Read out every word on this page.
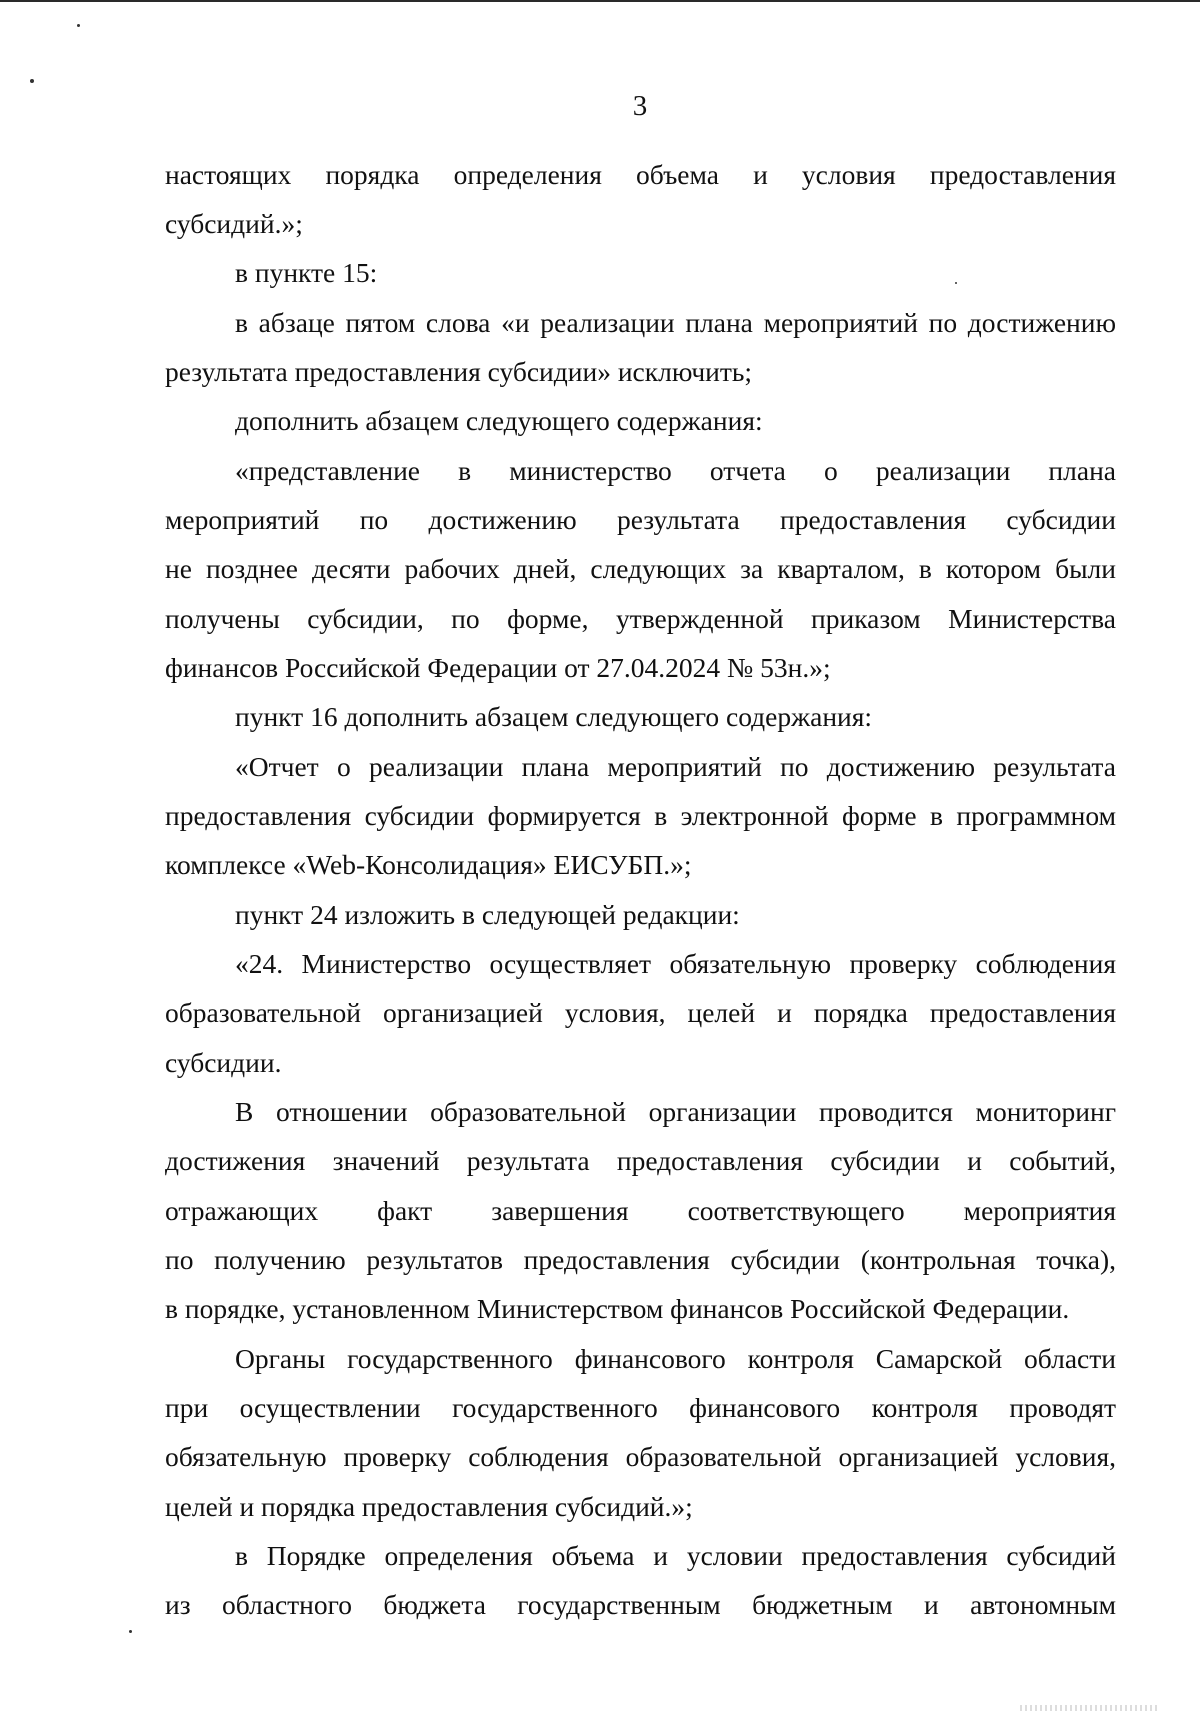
3
настоящих порядка определения объема и условия предоставления
субсидий.»;
в пункте 15:
в абзаце пятом слова «и реализации плана мероприятий по достижению
результата предоставления субсидии» исключить;
дополнить абзацем следующего содержания:
«представление в министерство отчета о реализации плана
мероприятий по достижению результата предоставления субсидии
не позднее десяти рабочих дней, следующих за кварталом, в котором были
получены субсидии, по форме, утвержденной приказом Министерства
финансов Российской Федерации от 27.04.2024 № 53н.»;
пункт 16 дополнить абзацем следующего содержания:
«Отчет о реализации плана мероприятий по достижению результата
предоставления субсидии формируется в электронной форме в программном
комплексе «Web-Консолидация» ЕИСУБП.»;
пункт 24 изложить в следующей редакции:
«24. Министерство осуществляет обязательную проверку соблюдения
образовательной организацией условия, целей и порядка предоставления
субсидии.
В отношении образовательной организации проводится мониторинг
достижения значений результата предоставления субсидии и событий,
отражающих факт завершения соответствующего мероприятия
по получению результатов предоставления субсидии (контрольная точка),
в порядке, установленном Министерством финансов Российской Федерации.
Органы государственного финансового контроля Самарской области
при осуществлении государственного финансового контроля проводят
обязательную проверку соблюдения образовательной организацией условия,
целей и порядка предоставления субсидий.»;
в Порядке определения объема и условии предоставления субсидий
из областного бюджета государственным бюджетным и автономным
